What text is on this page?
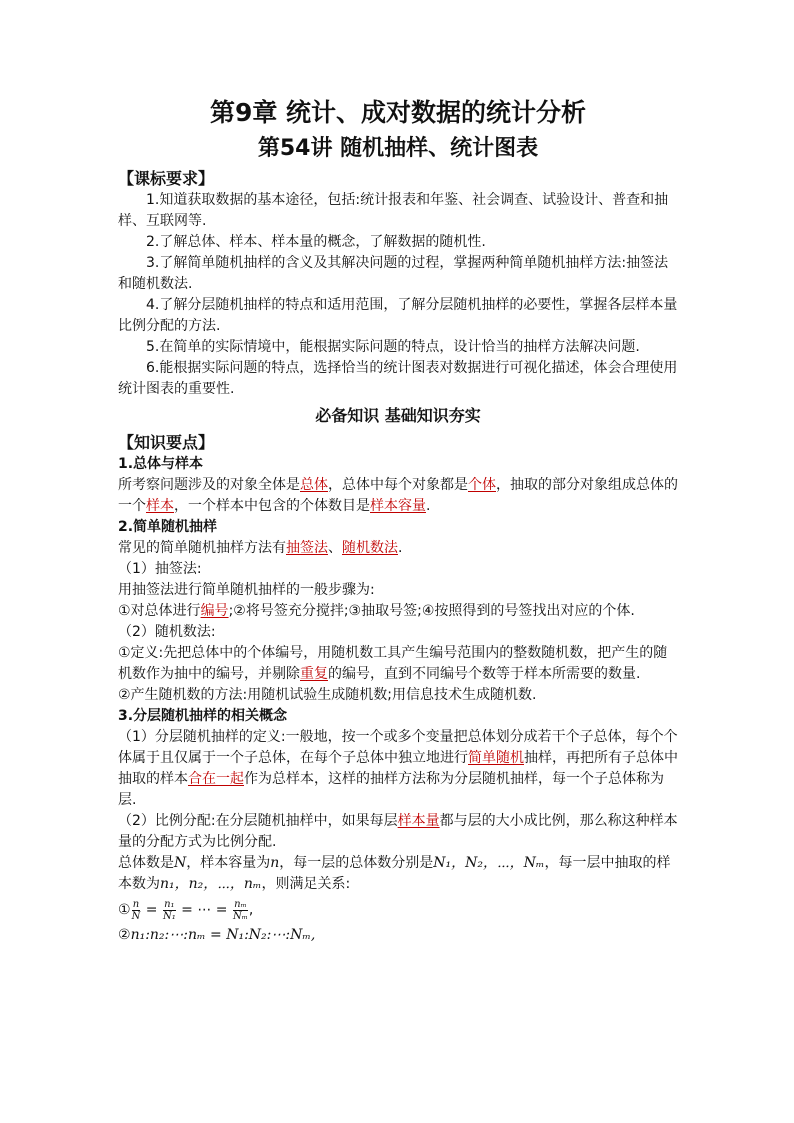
第9章 统计、成对数据的统计分析
第54讲 随机抽样、统计图表
【课标要求】

1.知道获取数据的基本途径，包括:统计报表和年鉴、社会调查、试验设计、普查和抽样、互联网等.

2.了解总体、样本、样本量的概念，了解数据的随机性.

3.了解简单随机抽样的含义及其解决问题的过程，掌握两种简单随机抽样方法:抽签法和随机数法.

4.了解分层随机抽样的特点和适用范围，了解分层随机抽样的必要性，掌握各层样本量比例分配的方法.

5.在简单的实际情境中，能根据实际问题的特点，设计恰当的抽样方法解决问题.

6.能根据实际问题的特点，选择恰当的统计图表对数据进行可视化描述，体会合理使用统计图表的重要性.

必备知识 基础知识夯实
【知识要点】

1.总体与样本

所考察问题涉及的对象全体是总体，总体中每个对象都是个体，抽取的部分对象组成总体的一个样本，一个样本中包含的个体数目是样本容量.

2.简单随机抽样

常见的简单随机抽样方法有抽签法、随机数法.

（1）抽签法:

用抽签法进行简单随机抽样的一般步骤为:

①对总体进行编号;②将号签充分搅拌;③抽取号签;④按照得到的号签找出对应的个体.

（2）随机数法:

①定义:先把总体中的个体编号，用随机数工具产生编号范围内的整数随机数，把产生的随机数作为抽中的编号，并剔除重复的编号，直到不同编号个数等于样本所需要的数量.

②产生随机数的方法:用随机试验生成随机数;用信息技术生成随机数.

3.分层随机抽样的相关概念

（1）分层随机抽样的定义:一般地，按一个或多个变量把总体划分成若干个子总体，每个个体属于且仅属于一个子总体，在每个子总体中独立地进行简单随机抽样，再把所有子总体中抽取的样本合在一起作为总样本，这样的抽样方法称为分层随机抽样，每一个子总体称为层.

（2）比例分配:在分层随机抽样中，如果每层样本量都与层的大小成比例，那么称这种样本量的分配方式为比例分配.

总体数是N，样本容量为n，每一层的总体数分别是N₁，N₂，⋯，Nₘ，每一层中抽取的样本数为n₁，n₂，⋯，nₘ，则满足关系:

① $\frac{n}{N} = \frac{\text{n₁}}{\text{N₁}}$ = ⋯ = $\frac{\text{nₘ}}{\text{Nₘ}}$ ,

②n₁:n₂:⋯:nₘ = N₁:N₂:⋯:Nₘ,
